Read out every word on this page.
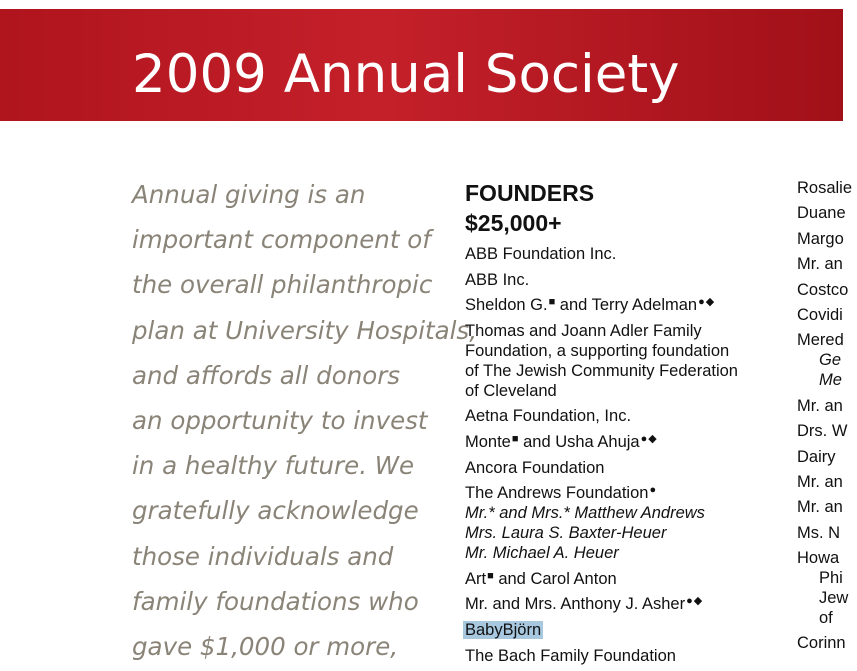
2009 Annual Society

Annual giving is an
important component of
the overall philanthropic
plan at University Hospitals,
and affords all donors
an opportunity to invest
in a healthy future. We
gratefully acknowledge
those individuals and
family foundations who
gave $1,000 or more,

FOUNDERS
$25,000+
ABB Foundation Inc.
ABB Inc.
Sheldon G.■ and Terry Adelman●◆
Thomas and Joann Adler Family
Foundation, a supporting foundation
of The Jewish Community Federation
of Cleveland
Aetna Foundation, Inc.
Monte■ and Usha Ahuja●◆
Ancora Foundation
The Andrews Foundation●
Mr.* and Mrs.* Matthew Andrews
Mrs. Laura S. Baxter-Heuer
Mr. Michael A. Heuer
Art■ and Carol Anton
Mr. and Mrs. Anthony J. Asher●◆
BabyBjörn
The Bach Family Foundation
Rosalie
Duane
Margo
Mr. an
Costco
Covidi
Mered
Ge
Me
Mr. an
Drs. W
Dairy
Mr. an
Mr. an
Ms. N
Howa
Phi
Jew
of
Corinn
